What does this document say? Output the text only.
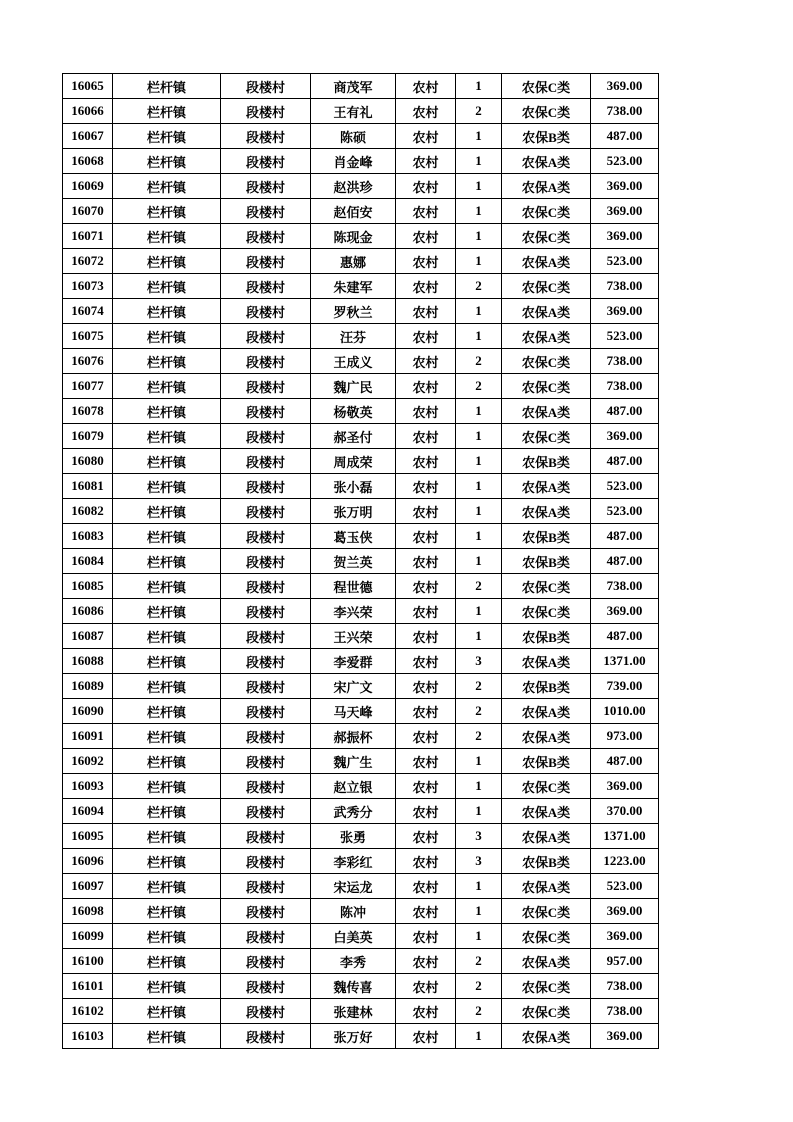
16065	栏杆镇	段楼村	商茂军	农村	1	农保C类	369.00
16066	栏杆镇	段楼村	王有礼	农村	2	农保C类	738.00
16067	栏杆镇	段楼村	陈硕	农村	1	农保B类	487.00
16068	栏杆镇	段楼村	肖金峰	农村	1	农保A类	523.00
16069	栏杆镇	段楼村	赵洪珍	农村	1	农保A类	369.00
16070	栏杆镇	段楼村	赵佰安	农村	1	农保C类	369.00
16071	栏杆镇	段楼村	陈现金	农村	1	农保C类	369.00
16072	栏杆镇	段楼村	惠娜	农村	1	农保A类	523.00
16073	栏杆镇	段楼村	朱建军	农村	2	农保C类	738.00
16074	栏杆镇	段楼村	罗秋兰	农村	1	农保A类	369.00
16075	栏杆镇	段楼村	汪芬	农村	1	农保A类	523.00
16076	栏杆镇	段楼村	王成义	农村	2	农保C类	738.00
16077	栏杆镇	段楼村	魏广民	农村	2	农保C类	738.00
16078	栏杆镇	段楼村	杨敬英	农村	1	农保A类	487.00
16079	栏杆镇	段楼村	郝圣付	农村	1	农保C类	369.00
16080	栏杆镇	段楼村	周成荣	农村	1	农保B类	487.00
16081	栏杆镇	段楼村	张小磊	农村	1	农保A类	523.00
16082	栏杆镇	段楼村	张万明	农村	1	农保A类	523.00
16083	栏杆镇	段楼村	葛玉侠	农村	1	农保B类	487.00
16084	栏杆镇	段楼村	贺兰英	农村	1	农保B类	487.00
16085	栏杆镇	段楼村	程世德	农村	2	农保C类	738.00
16086	栏杆镇	段楼村	李兴荣	农村	1	农保C类	369.00
16087	栏杆镇	段楼村	王兴荣	农村	1	农保B类	487.00
16088	栏杆镇	段楼村	李爱群	农村	3	农保A类	1371.00
16089	栏杆镇	段楼村	宋广文	农村	2	农保B类	739.00
16090	栏杆镇	段楼村	马天峰	农村	2	农保A类	1010.00
16091	栏杆镇	段楼村	郝振杯	农村	2	农保A类	973.00
16092	栏杆镇	段楼村	魏广生	农村	1	农保B类	487.00
16093	栏杆镇	段楼村	赵立银	农村	1	农保C类	369.00
16094	栏杆镇	段楼村	武秀分	农村	1	农保A类	370.00
16095	栏杆镇	段楼村	张勇	农村	3	农保A类	1371.00
16096	栏杆镇	段楼村	李彩红	农村	3	农保B类	1223.00
16097	栏杆镇	段楼村	宋运龙	农村	1	农保A类	523.00
16098	栏杆镇	段楼村	陈冲	农村	1	农保C类	369.00
16099	栏杆镇	段楼村	白美英	农村	1	农保C类	369.00
16100	栏杆镇	段楼村	李秀	农村	2	农保A类	957.00
16101	栏杆镇	段楼村	魏传喜	农村	2	农保C类	738.00
16102	栏杆镇	段楼村	张建林	农村	2	农保C类	738.00
16103	栏杆镇	段楼村	张万好	农村	1	农保A类	369.00
